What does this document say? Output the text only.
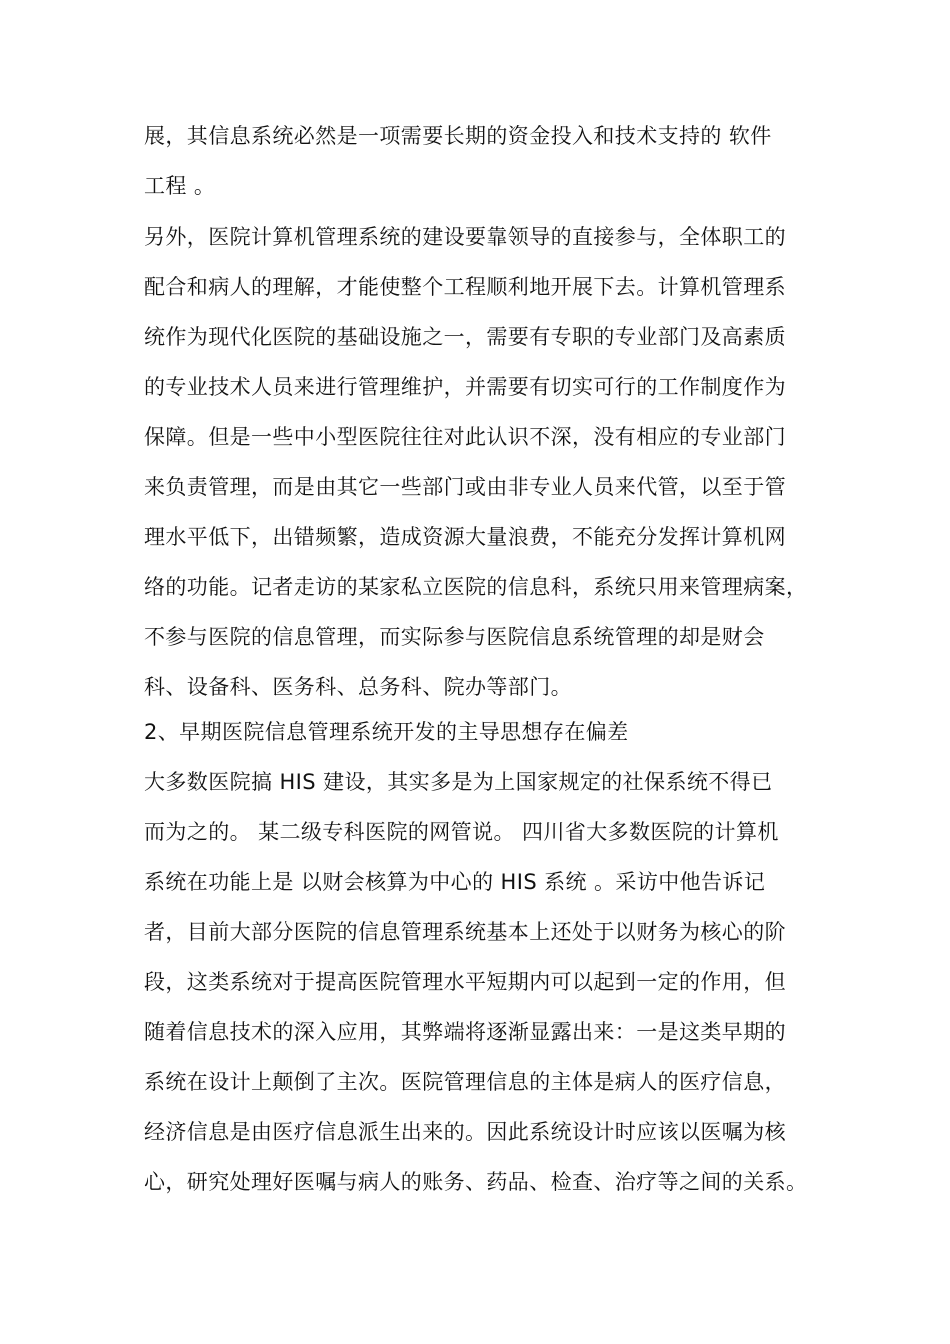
展，其信息系统必然是一项需要长期的资金投入和技术支持的 软件
工程 。
另外，医院计算机管理系统的建设要靠领导的直接参与，全体职工的
配合和病人的理解，才能使整个工程顺利地开展下去。计算机管理系
统作为现代化医院的基础设施之一，需要有专职的专业部门及高素质
的专业技术人员来进行管理维护，并需要有切实可行的工作制度作为
保障。但是一些中小型医院往往对此认识不深，没有相应的专业部门
来负责管理，而是由其它一些部门或由非专业人员来代管，以至于管
理水平低下，出错频繁，造成资源大量浪费，不能充分发挥计算机网
络的功能。记者走访的某家私立医院的信息科，系统只用来管理病案，
不参与医院的信息管理，而实际参与医院信息系统管理的却是财会
科、设备科、医务科、总务科、院办等部门。
2、早期医院信息管理系统开发的主导思想存在偏差
大多数医院搞 HIS 建设，其实多是为上国家规定的社保系统不得已
而为之的。 某二级专科医院的网管说。 四川省大多数医院的计算机
系统在功能上是 以财会核算为中心的 HIS 系统 。采访中他告诉记
者，目前大部分医院的信息管理系统基本上还处于以财务为核心的阶
段，这类系统对于提高医院管理水平短期内可以起到一定的作用，但
随着信息技术的深入应用，其弊端将逐渐显露出来：一是这类早期的
系统在设计上颠倒了主次。医院管理信息的主体是病人的医疗信息，
经济信息是由医疗信息派生出来的。因此系统设计时应该以医嘱为核
心，研究处理好医嘱与病人的账务、药品、检查、治疗等之间的关系。
